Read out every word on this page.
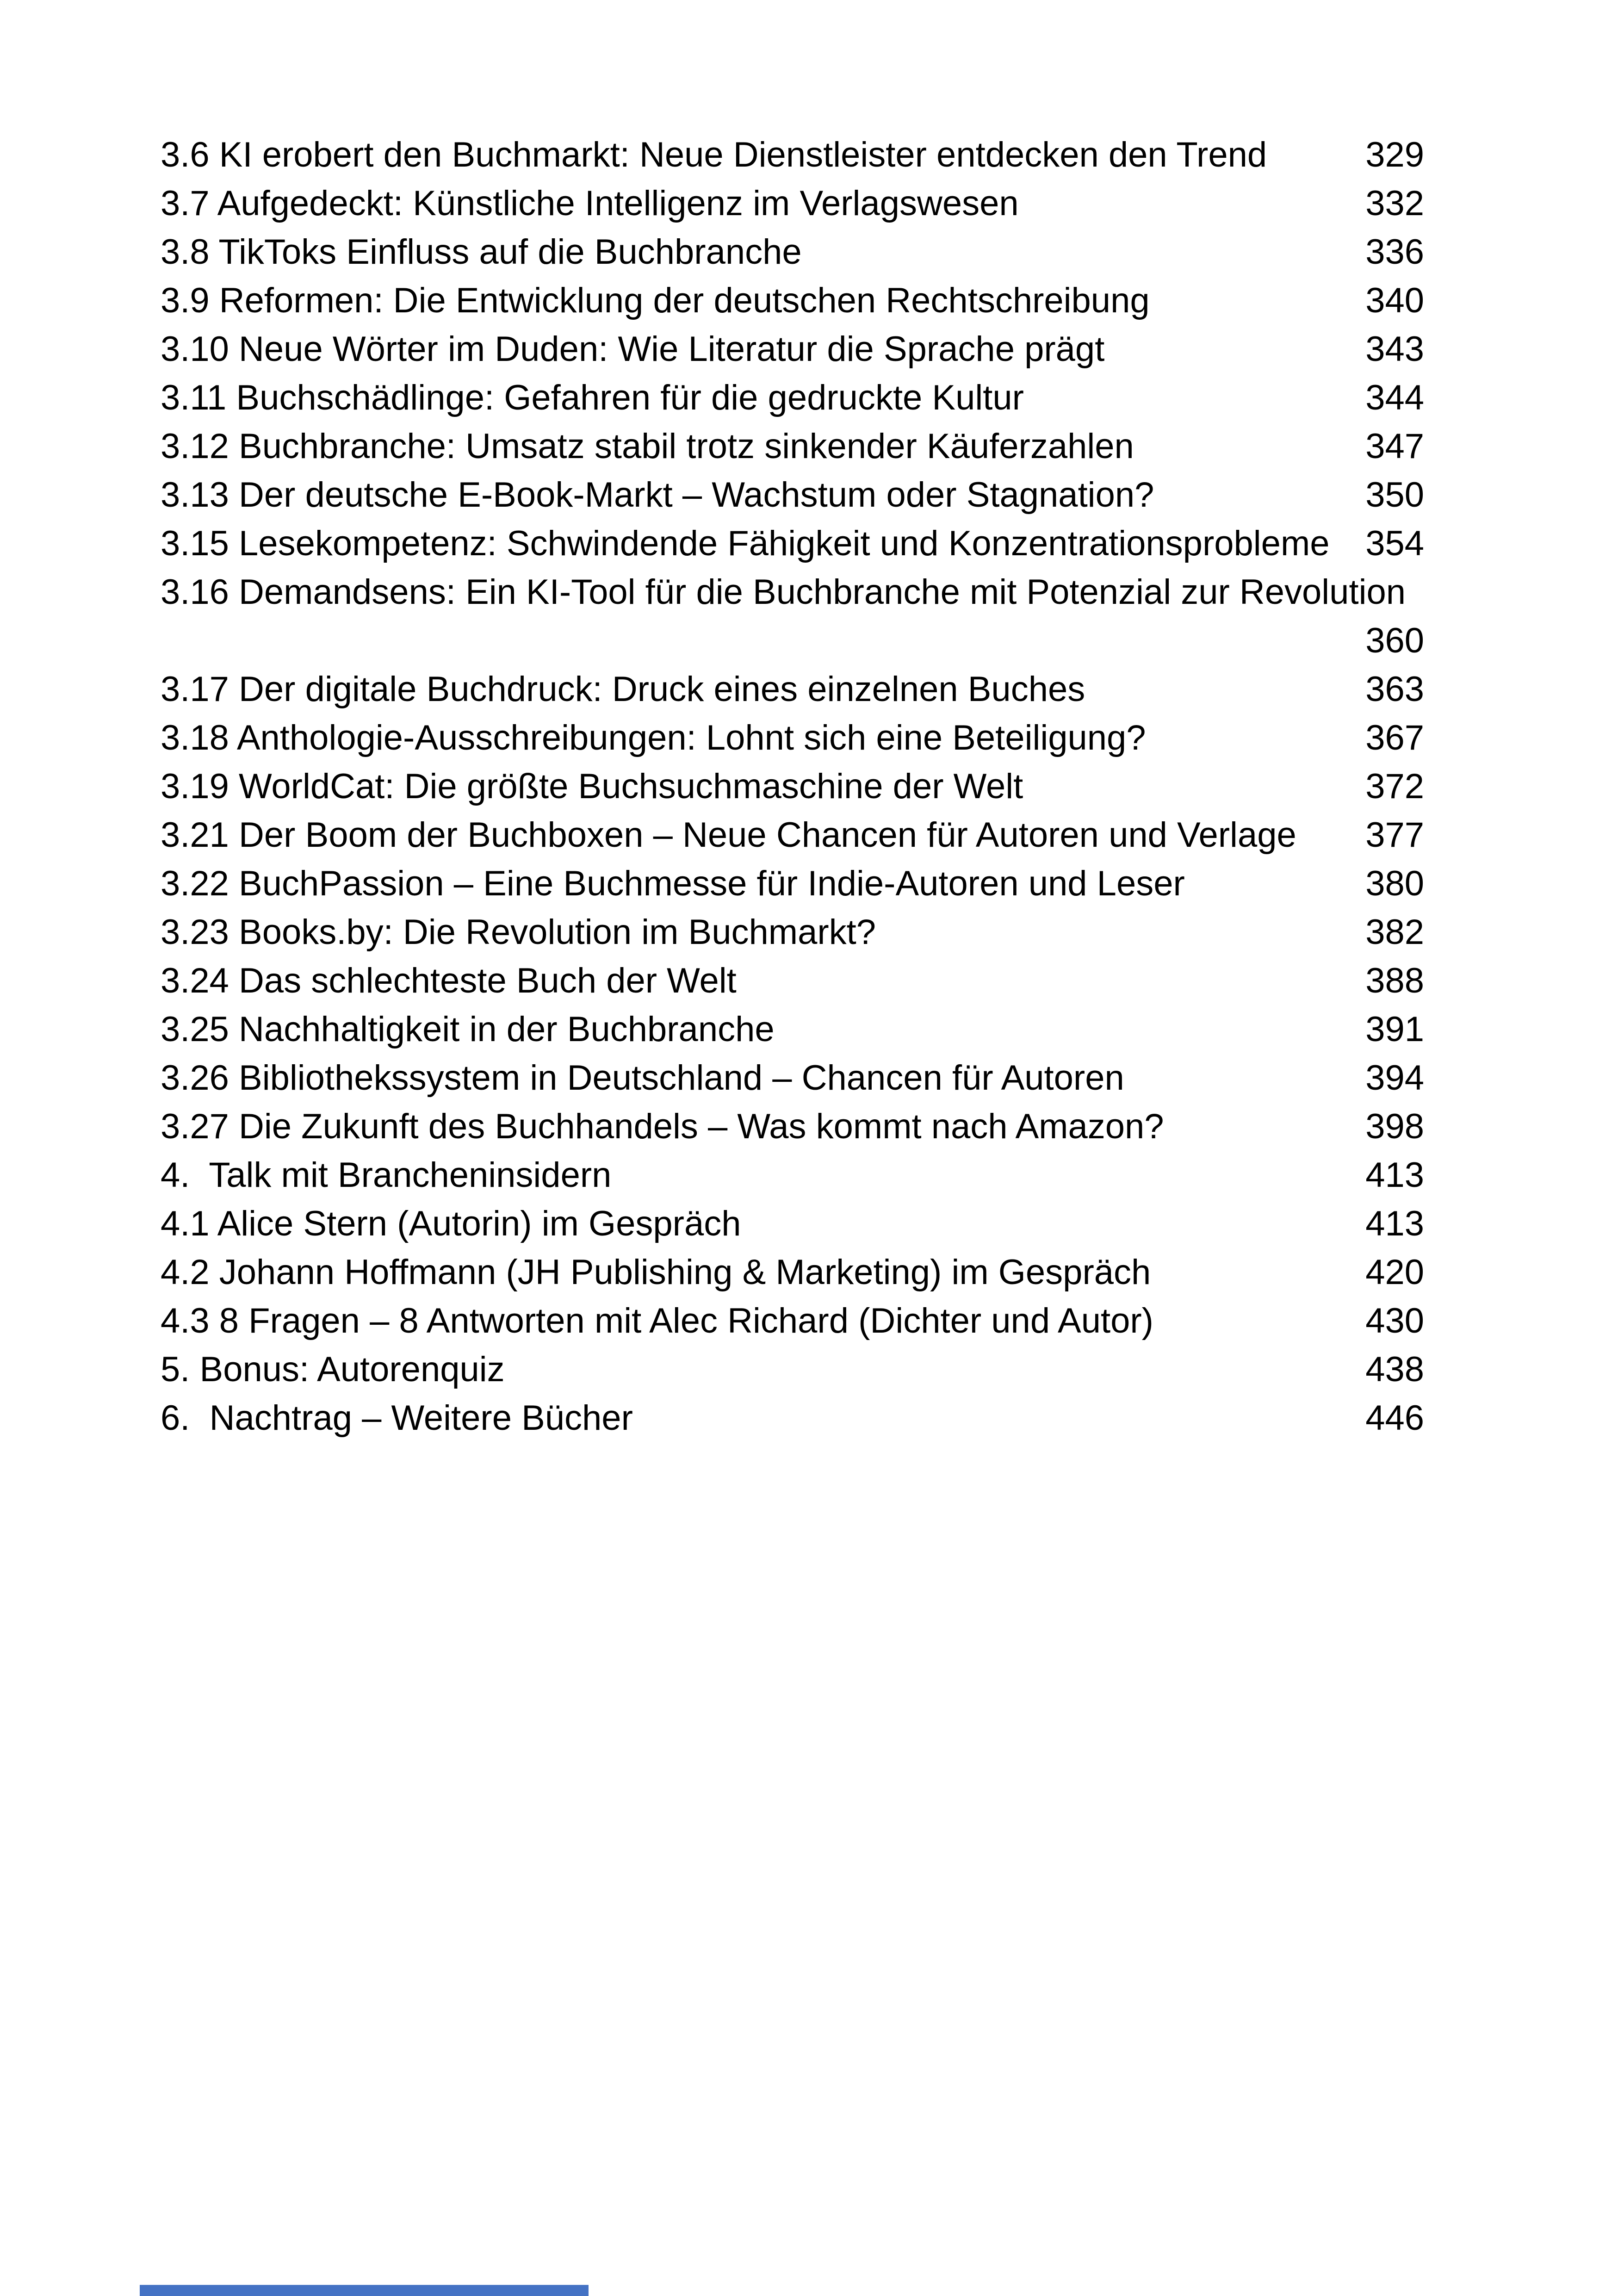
3.6 KI erobert den Buchmarkt: Neue Dienstleister entdecken den Trend	329
3.7 Aufgedeckt: Künstliche Intelligenz im Verlagswesen	332
3.8 TikToks Einfluss auf die Buchbranche	336
3.9 Reformen: Die Entwicklung der deutschen Rechtschreibung	340
3.10 Neue Wörter im Duden: Wie Literatur die Sprache prägt	343
3.11 Buchschädlinge: Gefahren für die gedruckte Kultur	344
3.12 Buchbranche: Umsatz stabil trotz sinkender Käuferzahlen	347
3.13 Der deutsche E-Book-Markt – Wachstum oder Stagnation?	350
3.15 Lesekompetenz: Schwindende Fähigkeit und Konzentrationsprobleme	354
3.16 Demandsens: Ein KI-Tool für die Buchbranche mit Potenzial zur Revolution
360
3.17 Der digitale Buchdruck: Druck eines einzelnen Buches	363
3.18 Anthologie-Ausschreibungen: Lohnt sich eine Beteiligung?	367
3.19 WorldCat: Die größte Buchsuchmaschine der Welt	372
3.21 Der Boom der Buchboxen – Neue Chancen für Autoren und Verlage	377
3.22 BuchPassion – Eine Buchmesse für Indie-Autoren und Leser	380
3.23 Books.by: Die Revolution im Buchmarkt?	382
3.24 Das schlechteste Buch der Welt	388
3.25 Nachhaltigkeit in der Buchbranche	391
3.26 Bibliothekssystem in Deutschland – Chancen für Autoren	394
3.27 Die Zukunft des Buchhandels – Was kommt nach Amazon?	398
4.  Talk mit Brancheninsidern	413
4.1 Alice Stern (Autorin) im Gespräch	413
4.2 Johann Hoffmann (JH Publishing & Marketing) im Gespräch	420
4.3 8 Fragen – 8 Antworten mit Alec Richard (Dichter und Autor)	430
5. Bonus: Autorenquiz	438
6.  Nachtrag – Weitere Bücher	446
